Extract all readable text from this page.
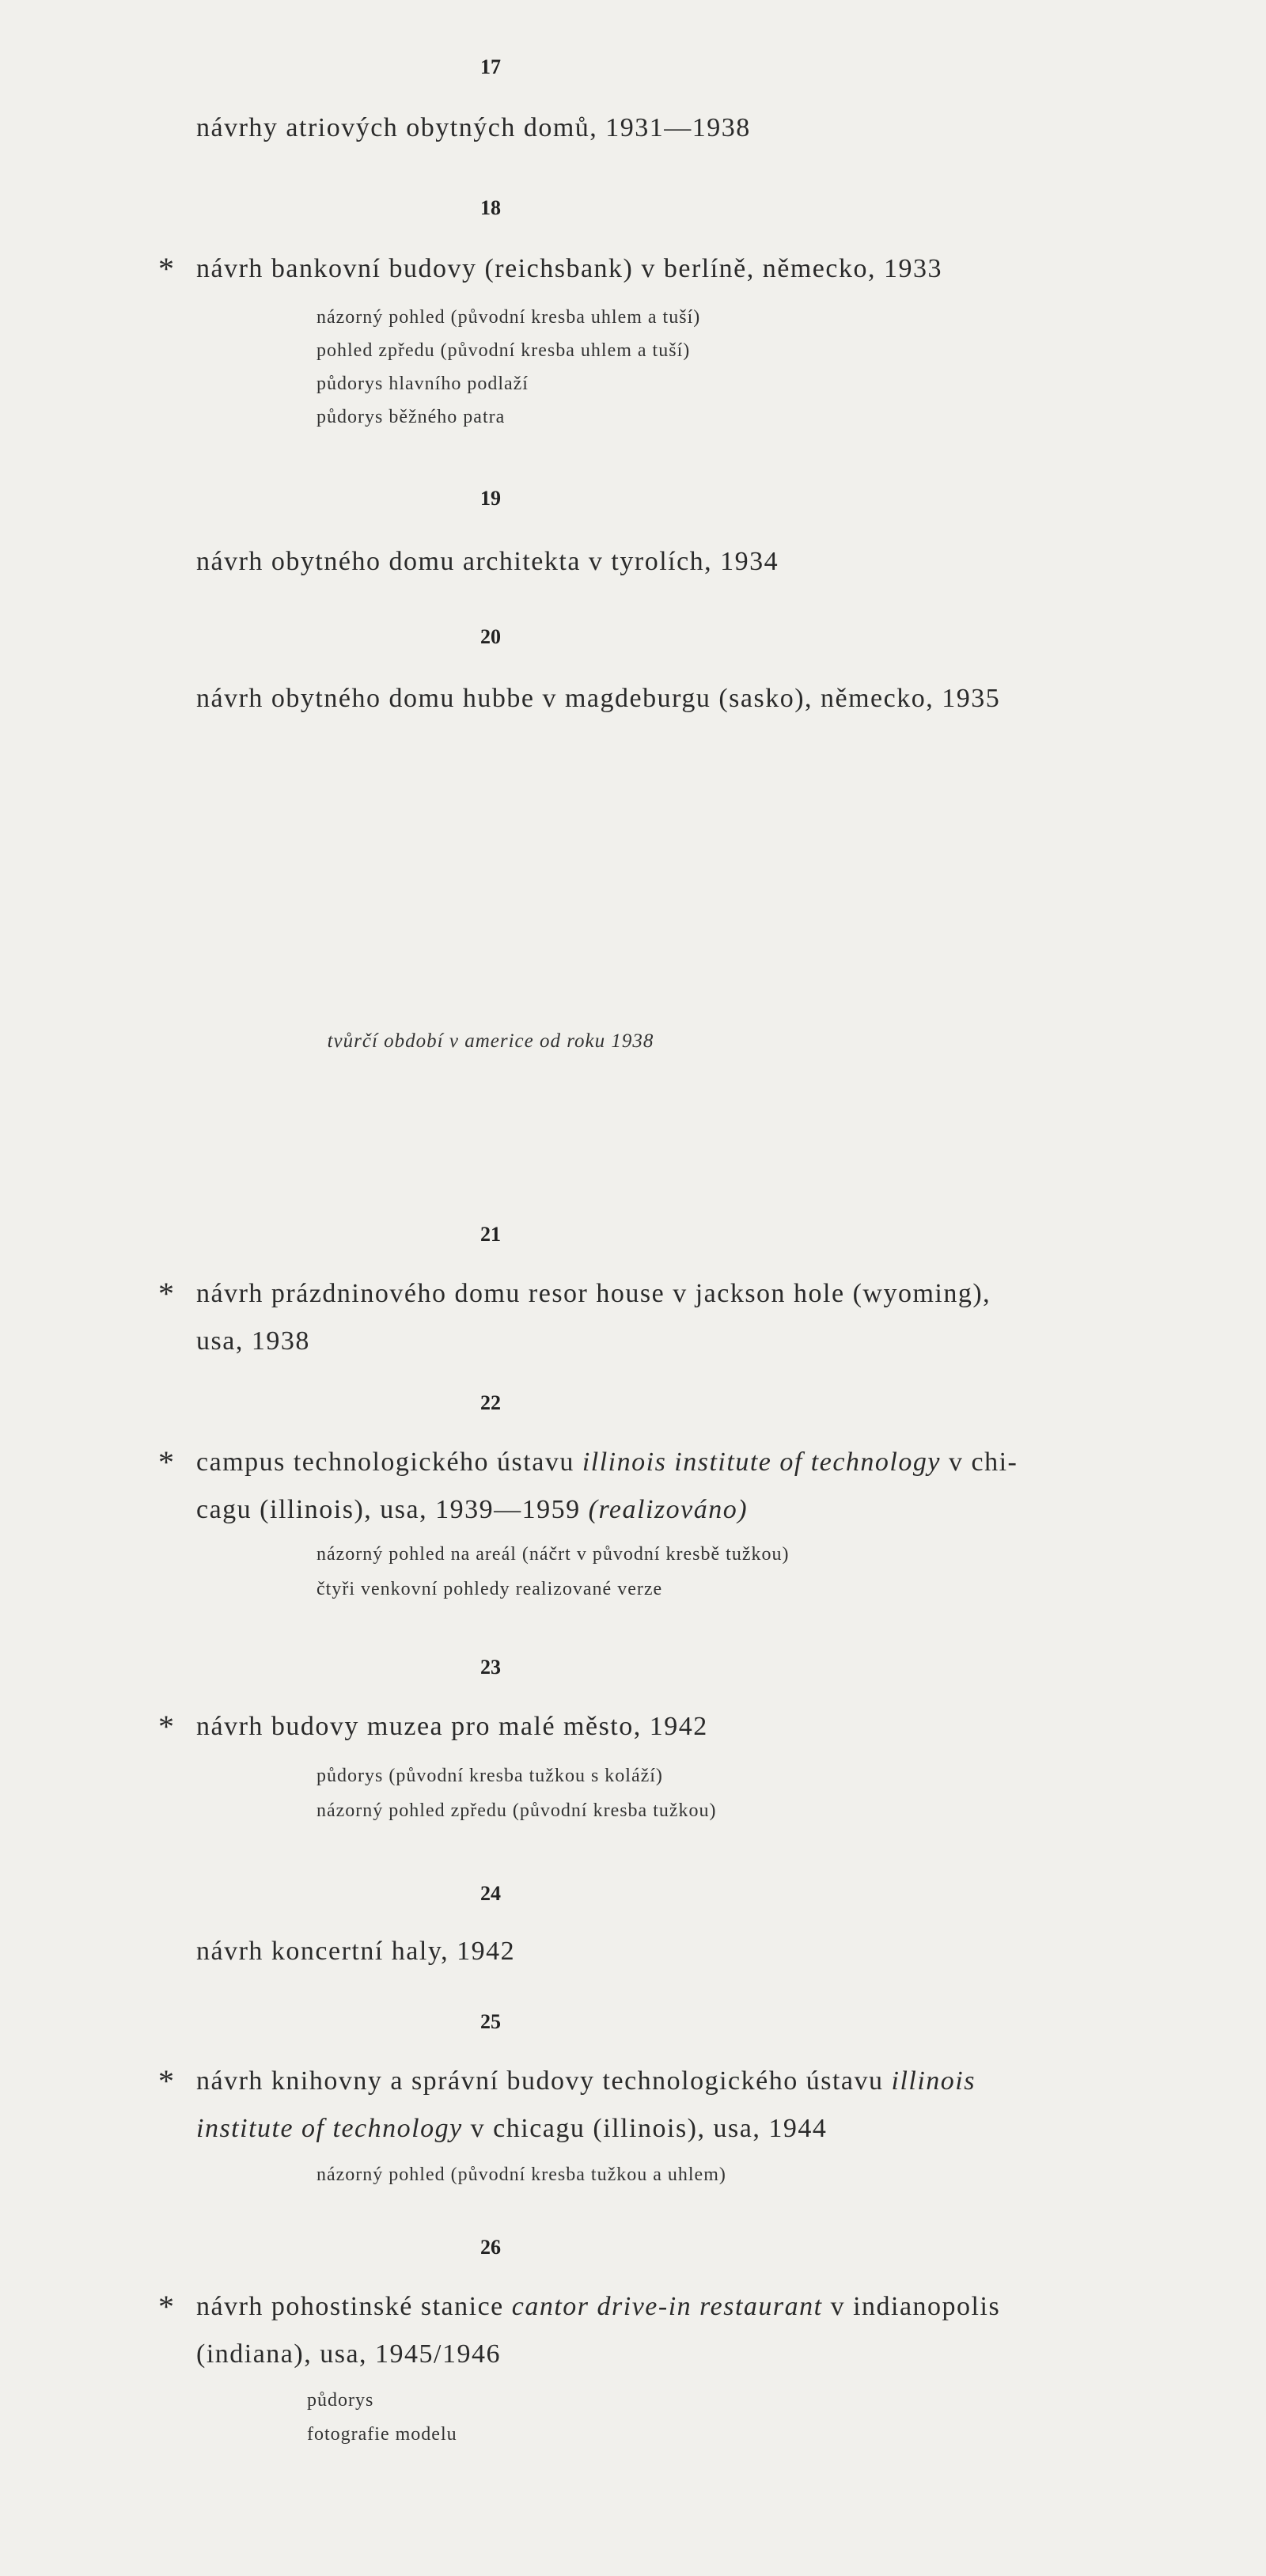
17
návrhy atriových obytných domů, 1931—1938
18
* návrh bankovní budovy (reichsbank) v berlíně, německo, 1933
názorný pohled (původní kresba uhlem a tuší)
pohled zpředu (původní kresba uhlem a tuší)
půdorys hlavního podlaží
půdorys běžného patra
19
návrh obytného domu architekta v tyrolích, 1934
20
návrh obytného domu hubbe v magdeburgu (sasko), německo, 1935
tvůrčí období v americe od roku 1938
21
* návrh prázdninového domu resor house v jackson hole (wyoming),
usa, 1938
22
* campus technologického ústavu illinois institute of technology v chi-
cagu (illinois), usa, 1939—1959 (realizováno)
názorný pohled na areál (náčrt v původní kresbě tužkou)
čtyři venkovní pohledy realizované verze
23
* návrh budovy muzea pro malé město, 1942
půdorys (původní kresba tužkou s koláží)
názorný pohled zpředu (původní kresba tužkou)
24
návrh koncertní haly, 1942
25
* návrh knihovny a správní budovy technologického ústavu illinois
institute of technology v chicagu (illinois), usa, 1944
názorný pohled (původní kresba tužkou a uhlem)
26
* návrh pohostinské stanice cantor drive-in restaurant v indianopolis
(indiana), usa, 1945/1946
půdorys
fotografie modelu
